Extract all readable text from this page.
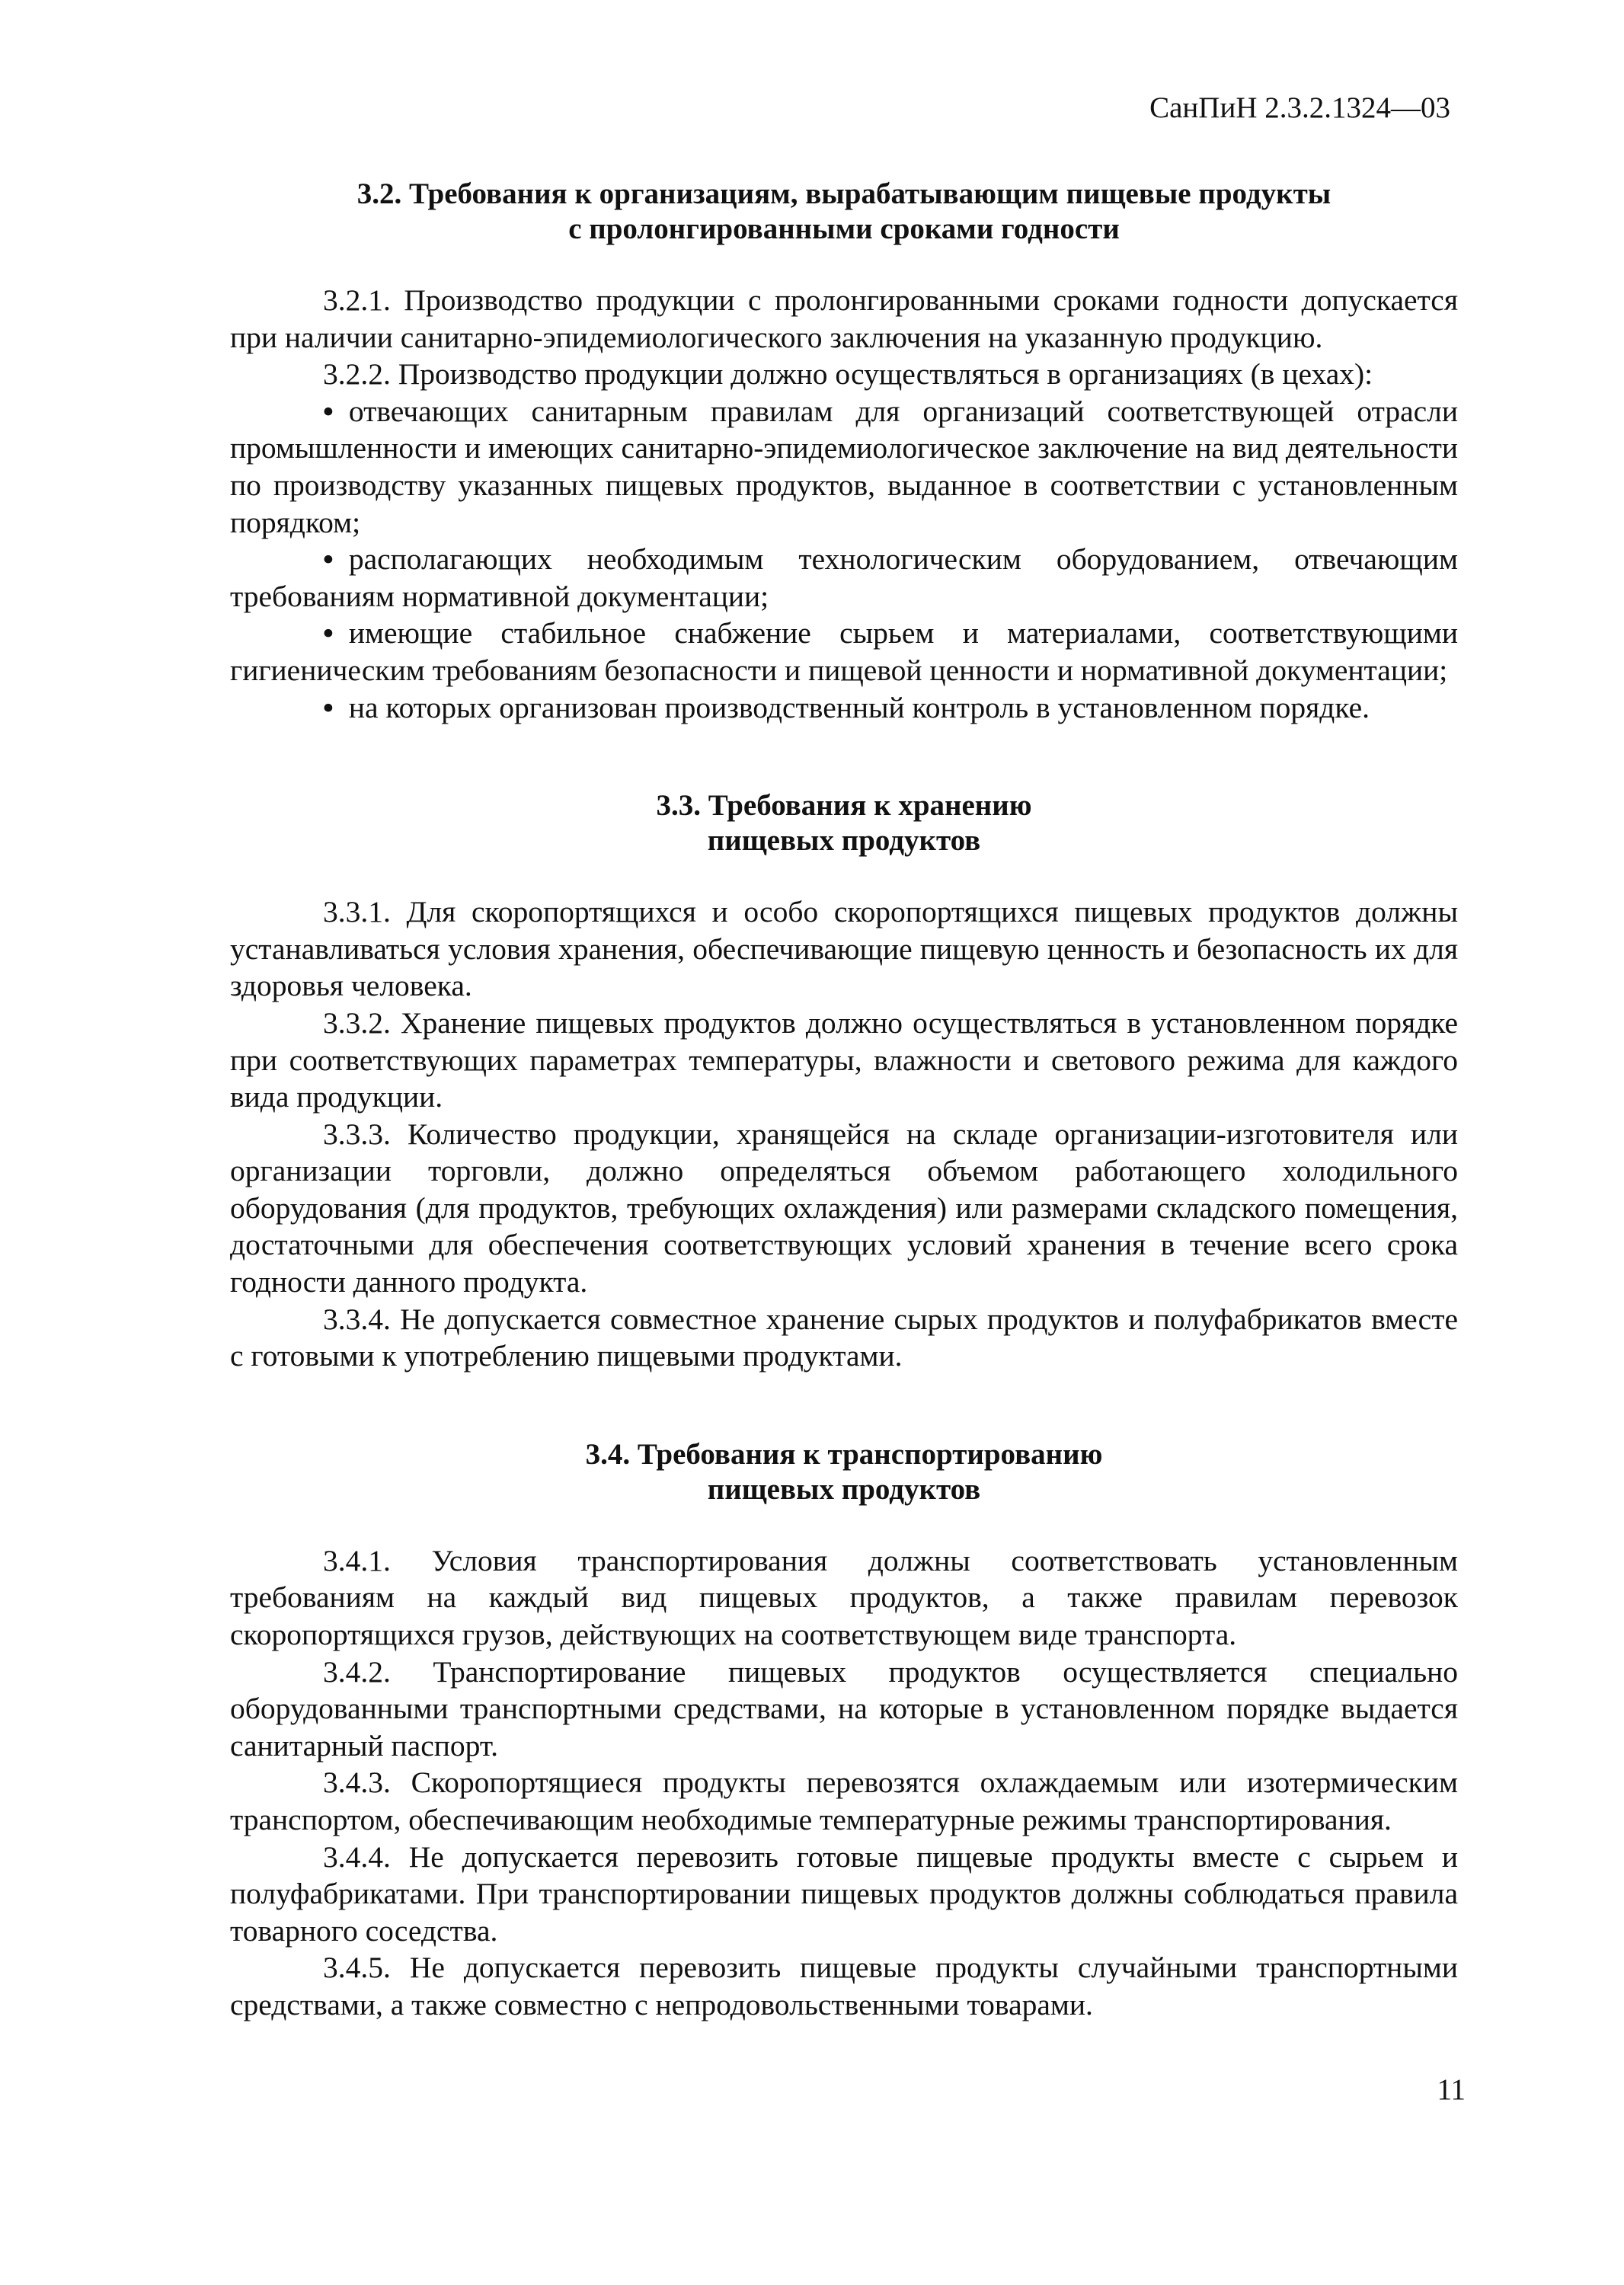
СанПиН 2.3.2.1324—03
3.2. Требования к организациям, вырабатывающим пищевые продукты
с пролонгированными сроками годности

3.2.1. Производство продукции с пролонгированными сроками годности допускается при наличии санитарно-эпидемиологического заключения на указанную продукцию.

3.2.2. Производство продукции должно осуществляться в организациях (в цехах):

• отвечающих санитарным правилам для организаций соответствующей отрасли промышленности и имеющих санитарно-эпидемиологическое заключение на вид деятельности по производству указанных пищевых продуктов, выданное в соответствии с установленным порядком;

• располагающих необходимым технологическим оборудованием, отвечающим требованиям нормативной документации;

• имеющие стабильное снабжение сырьем и материалами, соответствующими гигиеническим требованиям безопасности и пищевой ценности и нормативной документации;

• на которых организован производственный контроль в установленном порядке.

3.3. Требования к хранению
пищевых продуктов

3.3.1. Для скоропортящихся и особо скоропортящихся пищевых продуктов должны устанавливаться условия хранения, обеспечивающие пищевую ценность и безопасность их для здоровья человека.

3.3.2. Хранение пищевых продуктов должно осуществляться в установленном порядке при соответствующих параметрах температуры, влажности и светового режима для каждого вида продукции.

3.3.3. Количество продукции, хранящейся на складе организации-изготовителя или организации торговли, должно определяться объемом работающего холодильного оборудования (для продуктов, требующих охлаждения) или размерами складского помещения, достаточными для обеспечения соответствующих условий хранения в течение всего срока годности данного продукта.

3.3.4. Не допускается совместное хранение сырых продуктов и полуфабрикатов вместе с готовыми к употреблению пищевыми продуктами.

3.4. Требования к транспортированию
пищевых продуктов

3.4.1. Условия транспортирования должны соответствовать установленным требованиям на каждый вид пищевых продуктов, а также правилам перевозок скоропортящихся грузов, действующих на соответствующем виде транспорта.

3.4.2. Транспортирование пищевых продуктов осуществляется специально оборудованными транспортными средствами, на которые в установленном порядке выдается санитарный паспорт.

3.4.3. Скоропортящиеся продукты перевозятся охлаждаемым или изотермическим транспортом, обеспечивающим необходимые температурные режимы транспортирования.

3.4.4. Не допускается перевозить готовые пищевые продукты вместе с сырьем и полуфабрикатами. При транспортировании пищевых продуктов должны соблюдаться правила товарного соседства.

3.4.5. Не допускается перевозить пищевые продукты случайными транспортными средствами, а также совместно с непродовольственными товарами.

11
